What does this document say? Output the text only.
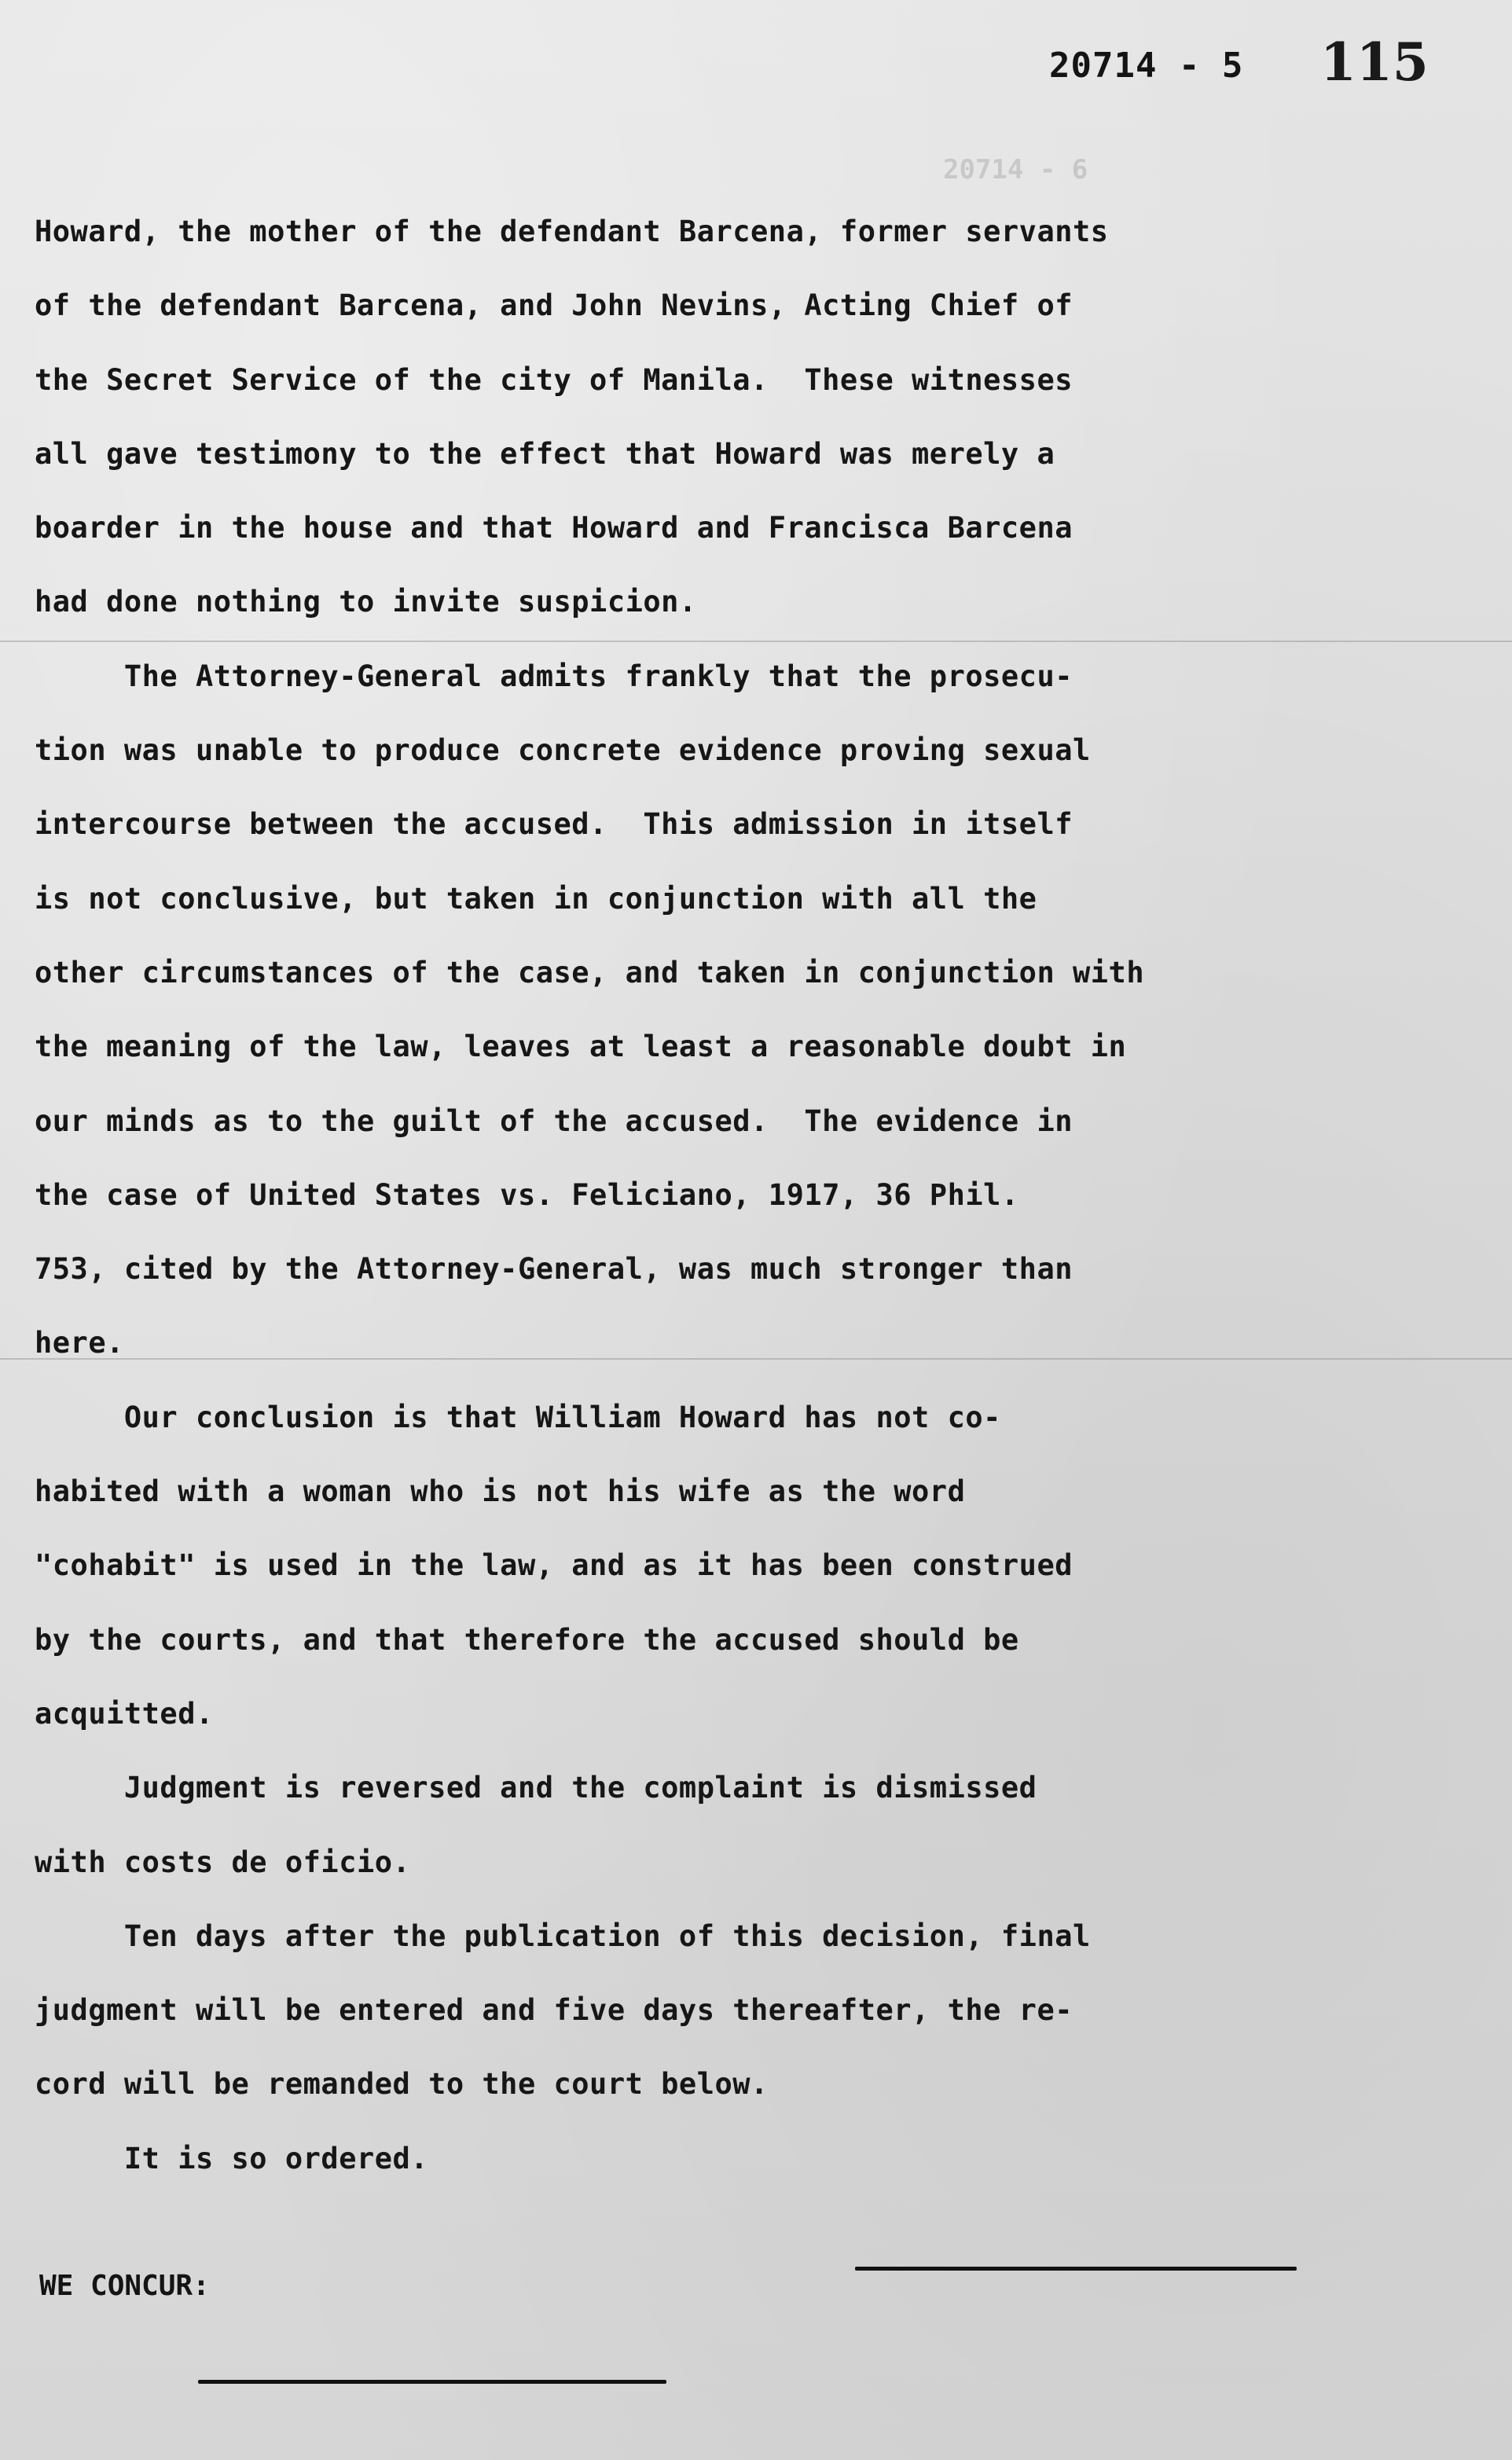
20714 - 6
20714 - 5 115
Howard, the mother of the defendant Barcena, former servants
of the defendant Barcena, and John Nevins, Acting Chief of
the Secret Service of the city of Manila.  These witnesses
all gave testimony to the effect that Howard was merely a
boarder in the house and that Howard and Francisca Barcena
had done nothing to invite suspicion.
The Attorney-General admits frankly that the prosecu-
tion was unable to produce concrete evidence proving sexual
intercourse between the accused.  This admission in itself
is not conclusive, but taken in conjunction with all the
other circumstances of the case, and taken in conjunction with
the meaning of the law, leaves at least a reasonable doubt in
our minds as to the guilt of the accused.  The evidence in
the case of United States vs. Feliciano, 1917, 36 Phil.
753, cited by the Attorney-General, was much stronger than
here.
Our conclusion is that William Howard has not co-
habited with a woman who is not his wife as the word
"cohabit" is used in the law, and as it has been construed
by the courts, and that therefore the accused should be
acquitted.
Judgment is reversed and the complaint is dismissed
with costs de oficio.
Ten days after the publication of this decision, final
judgment will be entered and five days thereafter, the re-
cord will be remanded to the court below.
It is so ordered.
WE CONCUR:
